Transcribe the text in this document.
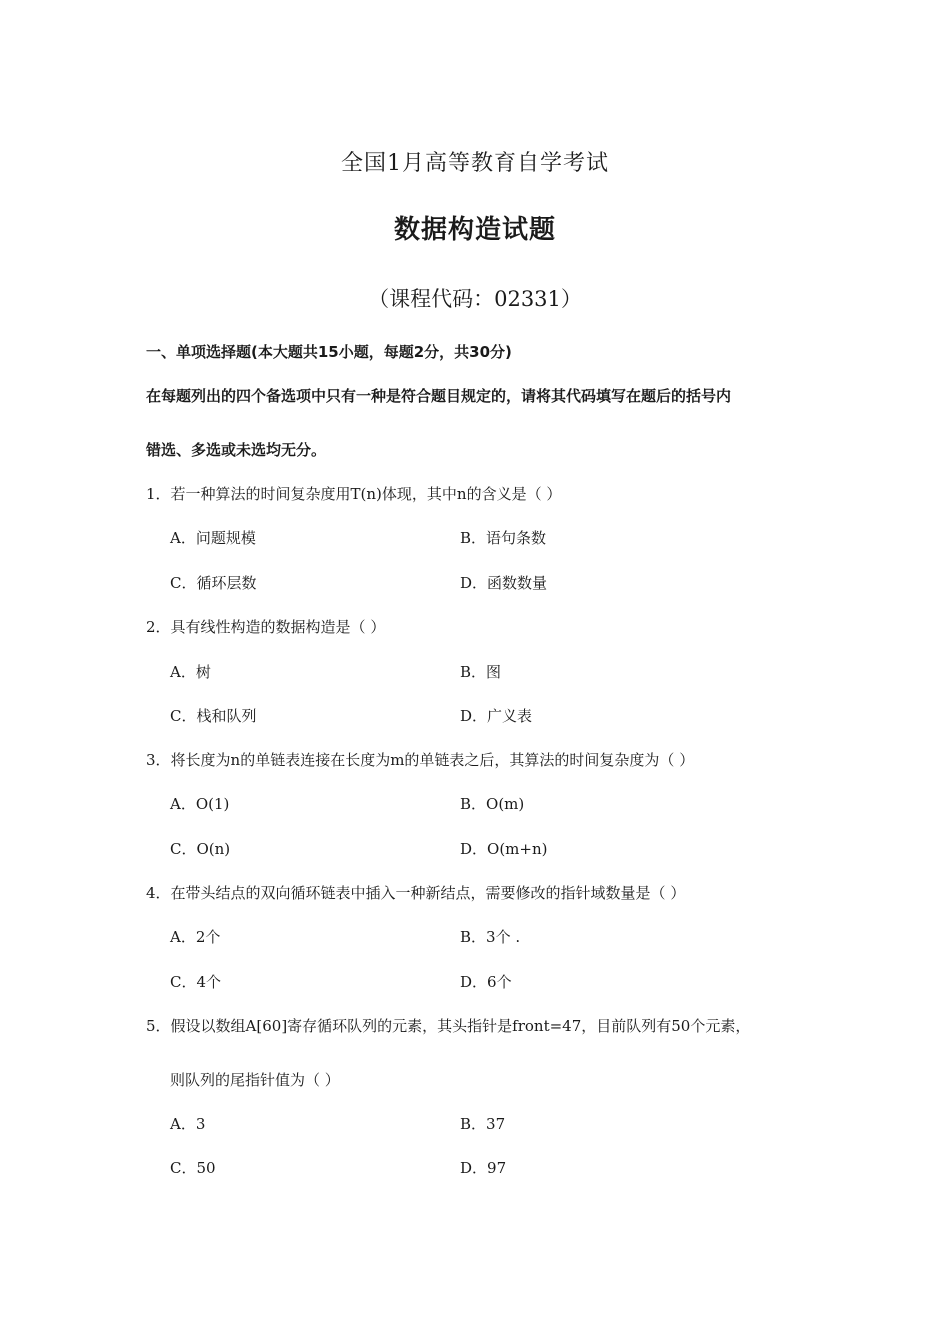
全国1月高等教育自学考试
数据构造试题
（课程代码：02331）
一、单项选择题(本大题共15小题，每题2分，共30分)
在每题列出的四个备选项中只有一种是符合题目规定的，请将其代码填写在题后的括号内
错选、多选或未选均无分。
1．若一种算法的时间复杂度用T(n)体现，其中n的含义是（ ）
A．问题规模	B．语句条数
C．循环层数	D．函数数量
2．具有线性构造的数据构造是（ ）
A．树	B．图
C．栈和队列	D．广义表
3．将长度为n的单链表连接在长度为m的单链表之后，其算法的时间复杂度为（ ）
A．O(1)	B．O(m)
C．O(n)	D．O(m+n)
4．在带头结点的双向循环链表中插入一种新结点，需要修改的指针域数量是（ ）
A．2个	B．3个 .
C．4个	D．6个
5．假设以数组A[60]寄存循环队列的元素，其头指针是front=47，目前队列有50个元素，
则队列的尾指针值为（ ）
A．3	B．37
C．50	D．97
